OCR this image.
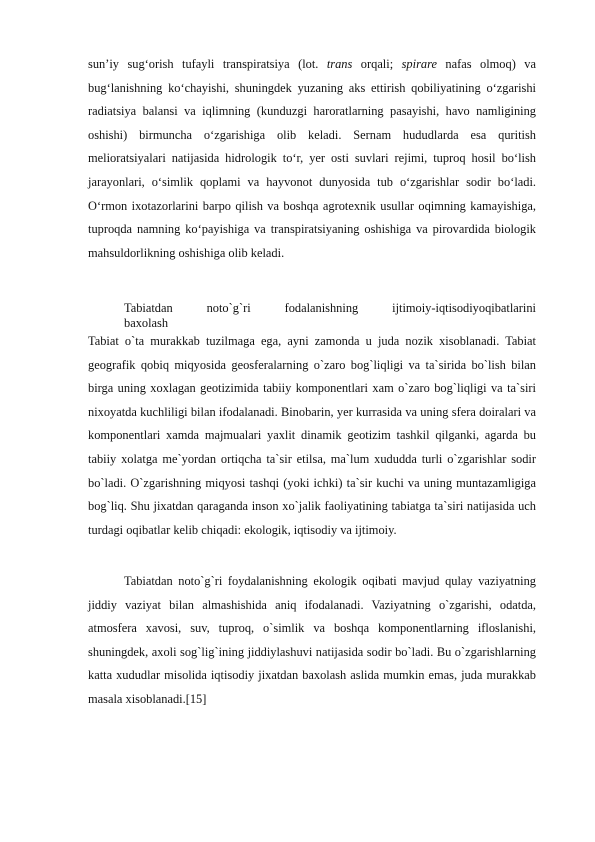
sun’iy sug‘orish tufayli transpiratsiya (lot. trans orqali; spirare nafas olmoq) va bug‘lanishning ko‘chayishi, shuningdek yuzaning aks ettirish qobiliyatining o‘zgarishi radiatsiya balansi va iqlimning (kunduzgi haroratlarning pasayishi, havo namligining oshishi) birmuncha o‘zgarishiga olib keladi. Sernam hududlarda esa quritish melioratsiyalari natijasida hidrologik to‘r, yer osti suvlari rejimi, tuproq hosil bo‘lish jarayonlari, o‘simlik qoplami va hayvonot dunyosida tub o‘zgarishlar sodir bo‘ladi. O‘rmon ixotazorlarini barpo qilish va boshqa agrotexnik usullar oqimning kamayishiga, tuproqda namning ko‘payishiga va transpiratsiyaning oshishiga va pirovardida biologik mahsuldorlikning oshishiga olib keladi.

Tabiatdan noto`g`ri fodalanishning ijtimoiy-iqtisodiyoqibatlarini
baxolash

Tabiat o`ta murakkab tuzilmaga ega, ayni zamonda u juda nozik xisoblanadi. Tabiat geografik qobiq miqyosida geosferalarning o`zaro bog`liqligi va ta`sirida bo`lish bilan birga uning xoxlagan geotizimida tabiiy komponentlari xam o`zaro bog`liqligi va ta`siri nixoyatda kuchliligi bilan ifodalanadi. Binobarin, yer kurrasida va uning sfera doiralari va komponentlari xamda majmualari yaxlit dinamik geotizim tashkil qilganki, agarda bu tabiiy xolatga me`yordan ortiqcha ta`sir etilsa, ma`lum xududda turli o`zgarishlar sodir bo`ladi. O`zgarishning miqyosi tashqi (yoki ichki) ta`sir kuchi va uning muntazamligiga bog`liq. Shu jixatdan qaraganda inson xo`jalik faoliyatining tabiatga ta`siri natijasida uch turdagi oqibatlar kelib chiqadi: ekologik, iqtisodiy va ijtimoiy.

Tabiatdan noto`g`ri foydalanishning ekologik oqibati mavjud qulay vaziyatning jiddiy vaziyat bilan almashishida aniq ifodalanadi. Vaziyatning o`zgarishi, odatda, atmosfera xavosi, suv, tuproq, o`simlik va boshqa komponentlarning ifloslanishi, shuningdek, axoli sog`lig`ining jiddiylashuvi natijasida sodir bo`ladi. Bu o`zgarishlarning katta xududlar misolida iqtisodiy jixatdan baxolash aslida mumkin emas, juda murakkab masala xisoblanadi.[15]
